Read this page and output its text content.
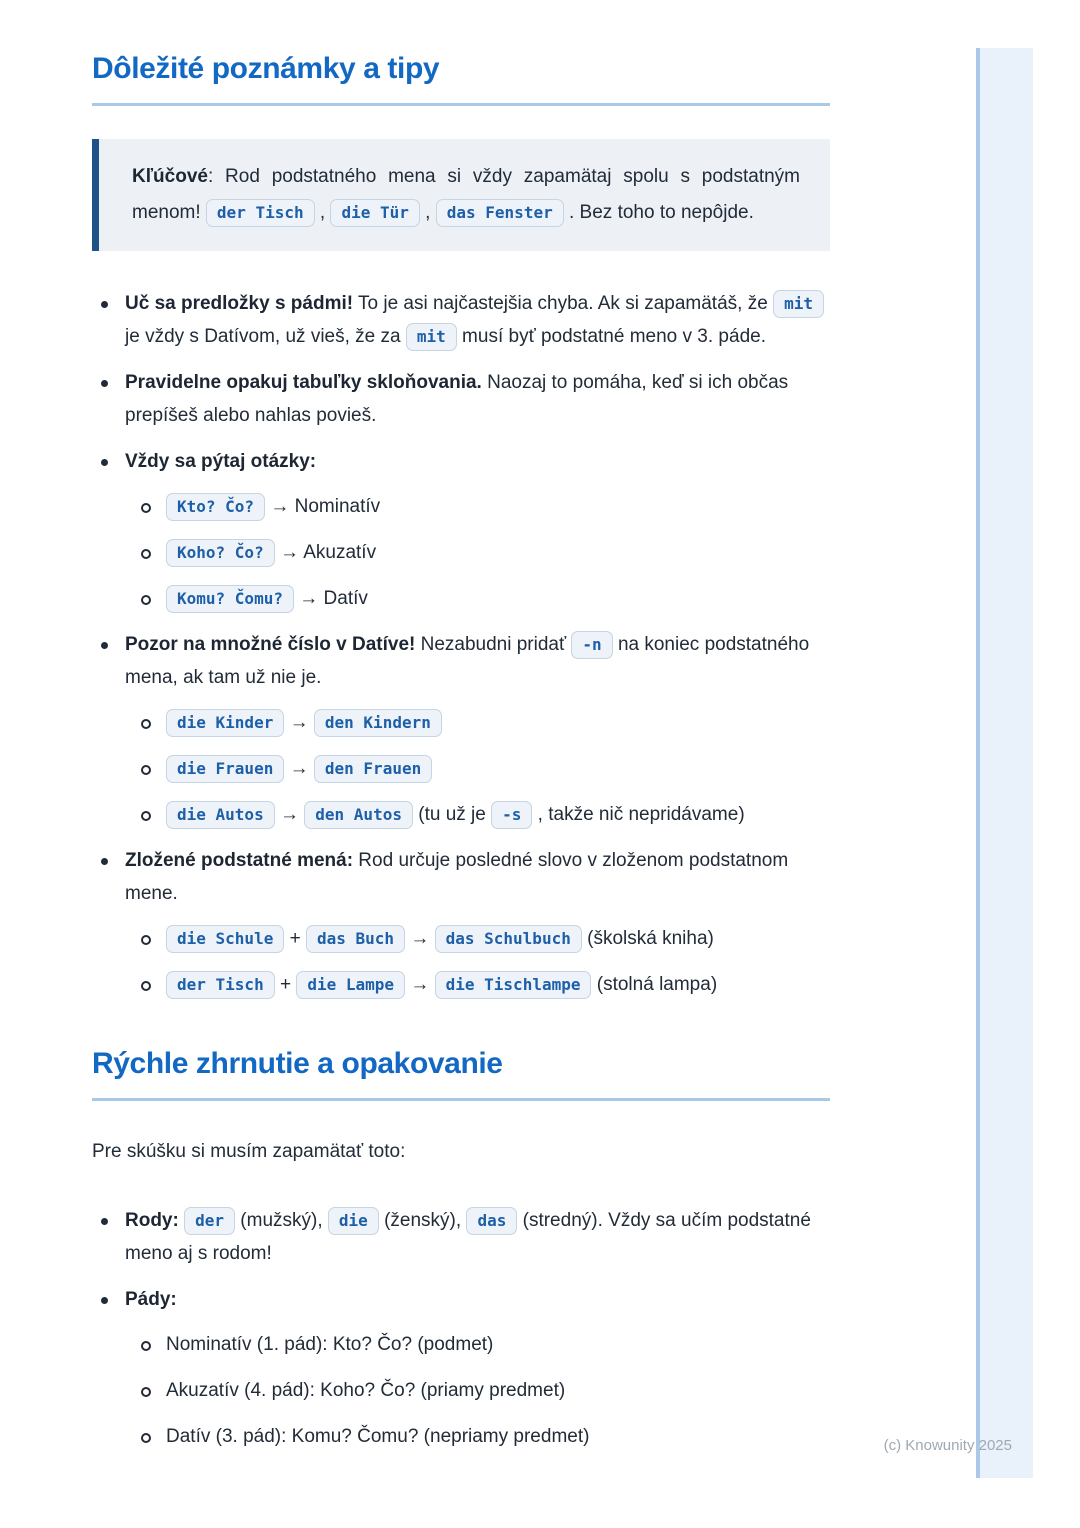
Dôležité poznámky a tipy
Kľúčové: Rod podstatného mena si vždy zapamätaj spolu s podstatným menom! der Tisch , die Tür , das Fenster . Bez toho to nepôjde.
Uč sa predložky s pádmi! To je asi najčastejšia chyba. Ak si zapamätáš, že mit je vždy s Datívom, už vieš, že za mit musí byť podstatné meno v 3. páde.
Pravidelne opakuj tabuľky skloňovania. Naozaj to pomáha, keď si ich občas prepíšeš alebo nahlas povieš.
Vždy sa pýtaj otázky:
Kto? Čo? → Nominatív
Koho? Čo? → Akuzatív
Komu? Čomu? → Datív
Pozor na množné číslo v Datíve! Nezabudni pridať -n na koniec podstatného mena, ak tam už nie je.
die Kinder → den Kindern
die Frauen → den Frauen
die Autos → den Autos (tu už je -s , takže nič nepridávame)
Zložené podstatné mená: Rod určuje posledné slovo v zloženom podstatnom mene.
die Schule + das Buch → das Schulbuch (školská kniha)
der Tisch + die Lampe → die Tischlampe (stolná lampa)
Rýchle zhrnutie a opakovanie

Pre skúšku si musím zapamätať toto:

Rody: der (mužský), die (ženský), das (stredný). Vždy sa učím podstatné meno aj s rodom!
Pády:
Nominatív (1. pád): Kto? Čo? (podmet)
Akuzatív (4. pád): Koho? Čo? (priamy predmet)
Datív (3. pád): Komu? Čomu? (nepriamy predmet)	(c) Knowunity 2025
